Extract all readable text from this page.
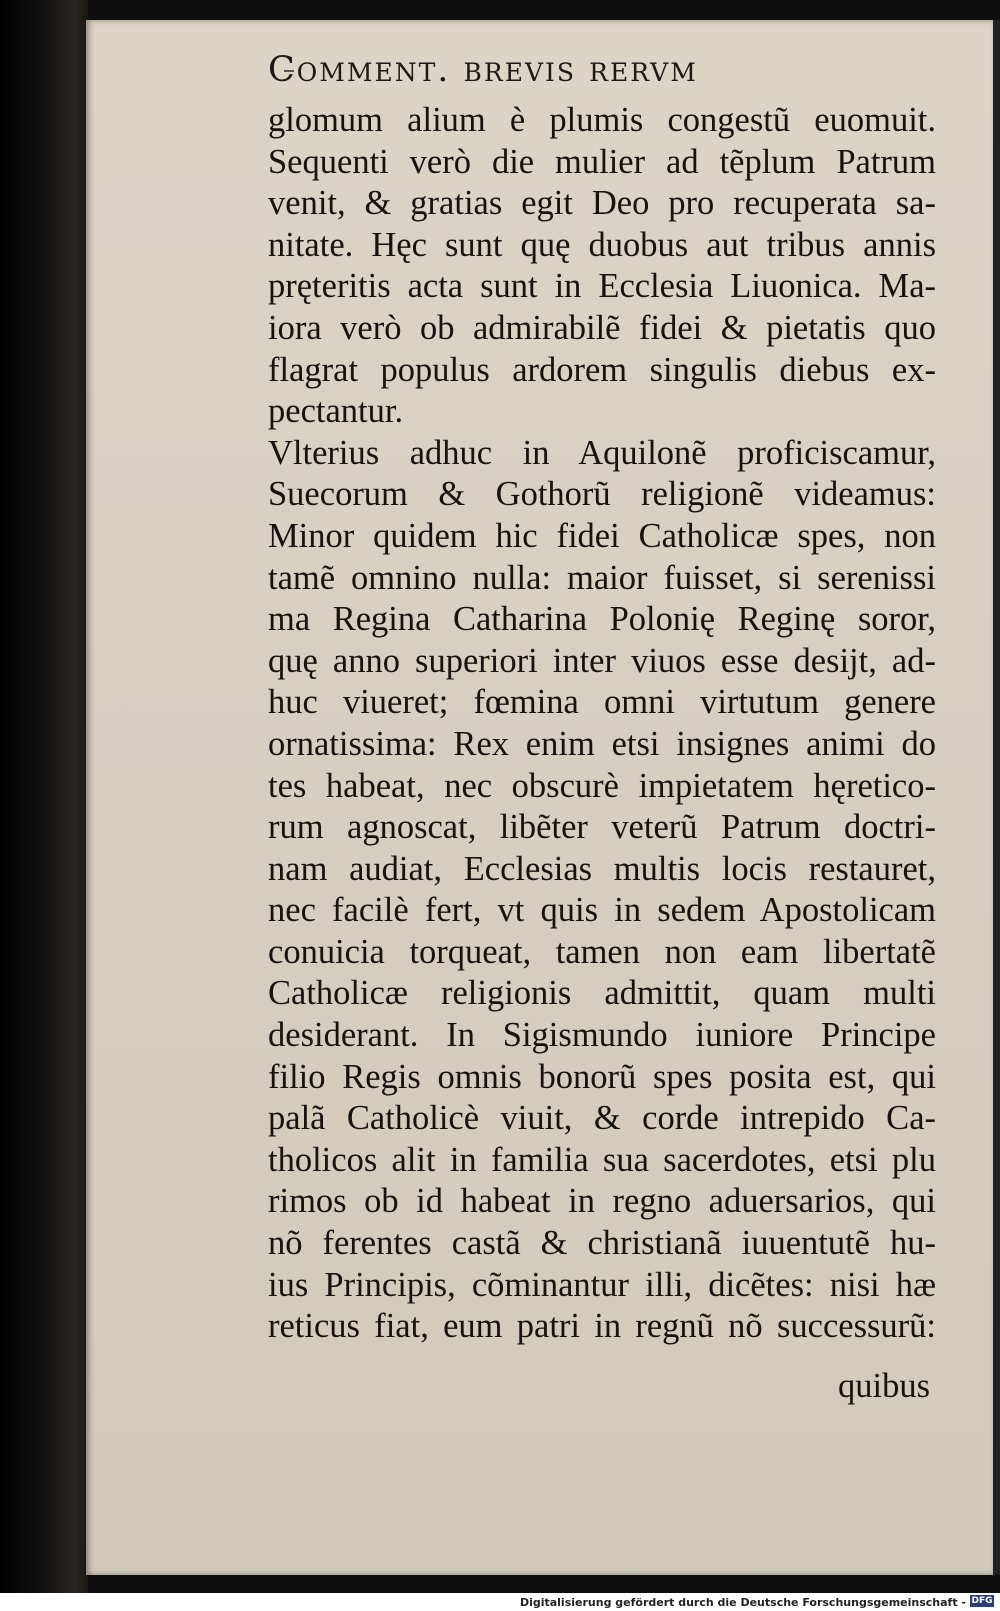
Comment. brevis rervm
glomum alium è plumis congestũ euomuit.
Sequenti verò die mulier ad tẽplum Patrum
venit, & gratias egit Deo pro recuperata sa-
nitate. Hęc sunt quę duobus aut tribus annis
pręteritis acta sunt in Ecclesia Liuonica. Ma-
iora verò ob admirabilẽ fidei & pietatis quo
flagrat populus ardorem singulis diebus ex-
pectantur.
Vlterius adhuc in Aquilonẽ proficiscamur,
Suecorum & Gothorũ religionẽ videamus:
Minor quidem hic fidei Catholicæ spes, non
tamẽ omnino nulla: maior fuisset, si serenissi
ma Regina Catharina Polonię Reginę soror,
quę anno superiori inter viuos esse desijt, ad-
huc viueret; fœmina omni virtutum genere
ornatissima: Rex enim etsi insignes animi do
tes habeat, nec obscurè impietatem hęretico-
rum agnoscat, libẽter veterũ Patrum doctri-
nam audiat, Ecclesias multis locis restauret,
nec facilè fert, vt quis in sedem Apostolicam
conuicia torqueat, tamen non eam libertatẽ
Catholicæ religionis admittit, quam multi
desiderant. In Sigismundo iuniore Principe
filio Regis omnis bonorũ spes posita est, qui
palã Catholicè viuit, & corde intrepido Ca-
tholicos alit in familia sua sacerdotes, etsi plu
rimos ob id habeat in regno aduersarios, qui
nõ ferentes castã & christianã iuuentutẽ hu-
ius Principis, cõminantur illi, dicẽtes: nisi hæ
reticus fiat, eum patri in regnũ nõ successurũ:
quibus
Digitalisierung gefördert durch die Deutsche Forschungsgemeinschaft - DFG
